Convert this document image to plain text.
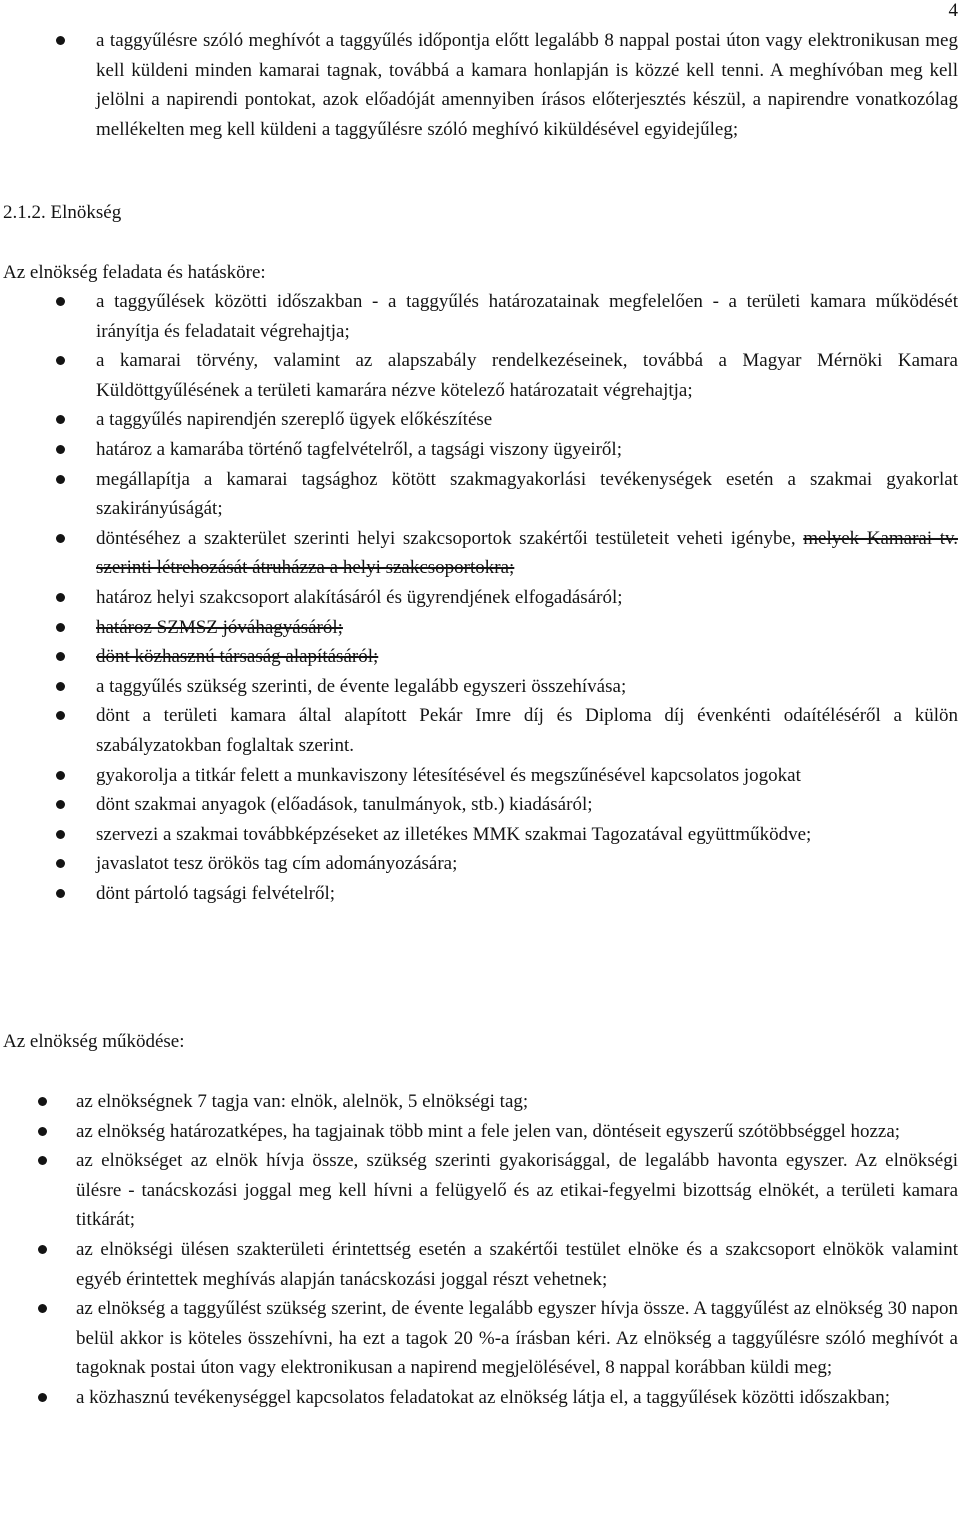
4
a taggyűlésre szóló meghívót a taggyűlés időpontja előtt legalább 8 nappal postai úton vagy elektronikusan meg kell küldeni minden kamarai tagnak, továbbá a kamara honlapján is közzé kell tenni. A meghívóban meg kell jelölni a napirendi pontokat, azok előadóját amennyiben írásos előterjesztés készül, a napirendre vonatkozólag mellékelten meg kell küldeni a taggyűlésre szóló meghívó kiküldésével egyidejűleg;
2.1.2. Elnökség
Az elnökség feladata és hatásköre:
a taggyűlések közötti időszakban - a taggyűlés határozatainak megfelelően - a területi kamara működését irányítja és feladatait végrehajtja;
a kamarai törvény, valamint az alapszabály rendelkezéseinek, továbbá a Magyar Mérnöki Kamara Küldöttgyűlésének a területi kamarára nézve kötelező határozatait végrehajtja;
a taggyűlés napirendjén szereplő ügyek előkészítése
határoz a kamarába történő tagfelvételről, a tagsági viszony ügyeiről;
megállapítja a kamarai tagsághoz kötött szakmagyakorlási tevékenységek esetén a szakmai gyakorlat szakirányúságát;
döntéséhez a szakterület szerinti helyi szakcsoportok szakértői testületeit veheti igénybe, melyek Kamarai tv. szerinti létrehozását átruházza a helyi szakcsoportokra;
határoz helyi szakcsoport alakításáról és ügyrendjének elfogadásáról;
határoz SZMSZ jóváhagyásáról;
dönt közhasznú társaság alapításáról;
a taggyűlés szükség szerinti, de évente legalább egyszeri összehívása;
dönt a területi kamara által alapított Pekár Imre díj és Diploma díj évenkénti odaítéléséről a külön szabályzatokban foglaltak szerint.
gyakorolja a titkár felett a munkaviszony létesítésével és megszűnésével kapcsolatos jogokat
dönt szakmai anyagok (előadások, tanulmányok, stb.) kiadásáról;
szervezi a szakmai továbbképzéseket az illetékes MMK szakmai Tagozatával együttműködve;
javaslatot tesz örökös tag cím adományozására;
dönt pártoló tagsági felvételről;
Az elnökség működése:
az elnökségnek 7 tagja van: elnök, alelnök, 5 elnökségi tag;
az elnökség határozatképes, ha tagjainak több mint a fele jelen van, döntéseit egyszerű szótöbbséggel hozza;
az elnökséget az elnök hívja össze, szükség szerinti gyakorisággal, de legalább havonta egyszer. Az elnökségi ülésre - tanácskozási joggal meg kell hívni a felügyelő és az etikai-fegyelmi bizottság elnökét, a területi kamara titkárát;
az elnökségi ülésen szakterületi érintettség esetén a szakértői testület elnöke és a szakcsoport elnökök valamint egyéb érintettek meghívás alapján tanácskozási joggal részt vehetnek;
az elnökség a taggyűlést szükség szerint, de évente legalább egyszer hívja össze. A taggyűlést az elnökség 30 napon belül akkor is köteles összehívni, ha ezt a tagok 20 %-a írásban kéri. Az elnökség a taggyűlésre szóló meghívót a tagoknak postai úton vagy elektronikusan a napirend megjelölésével, 8 nappal korábban küldi meg;
a közhasznú tevékenységgel kapcsolatos feladatokat az elnökség látja el, a taggyűlések közötti időszakban;
